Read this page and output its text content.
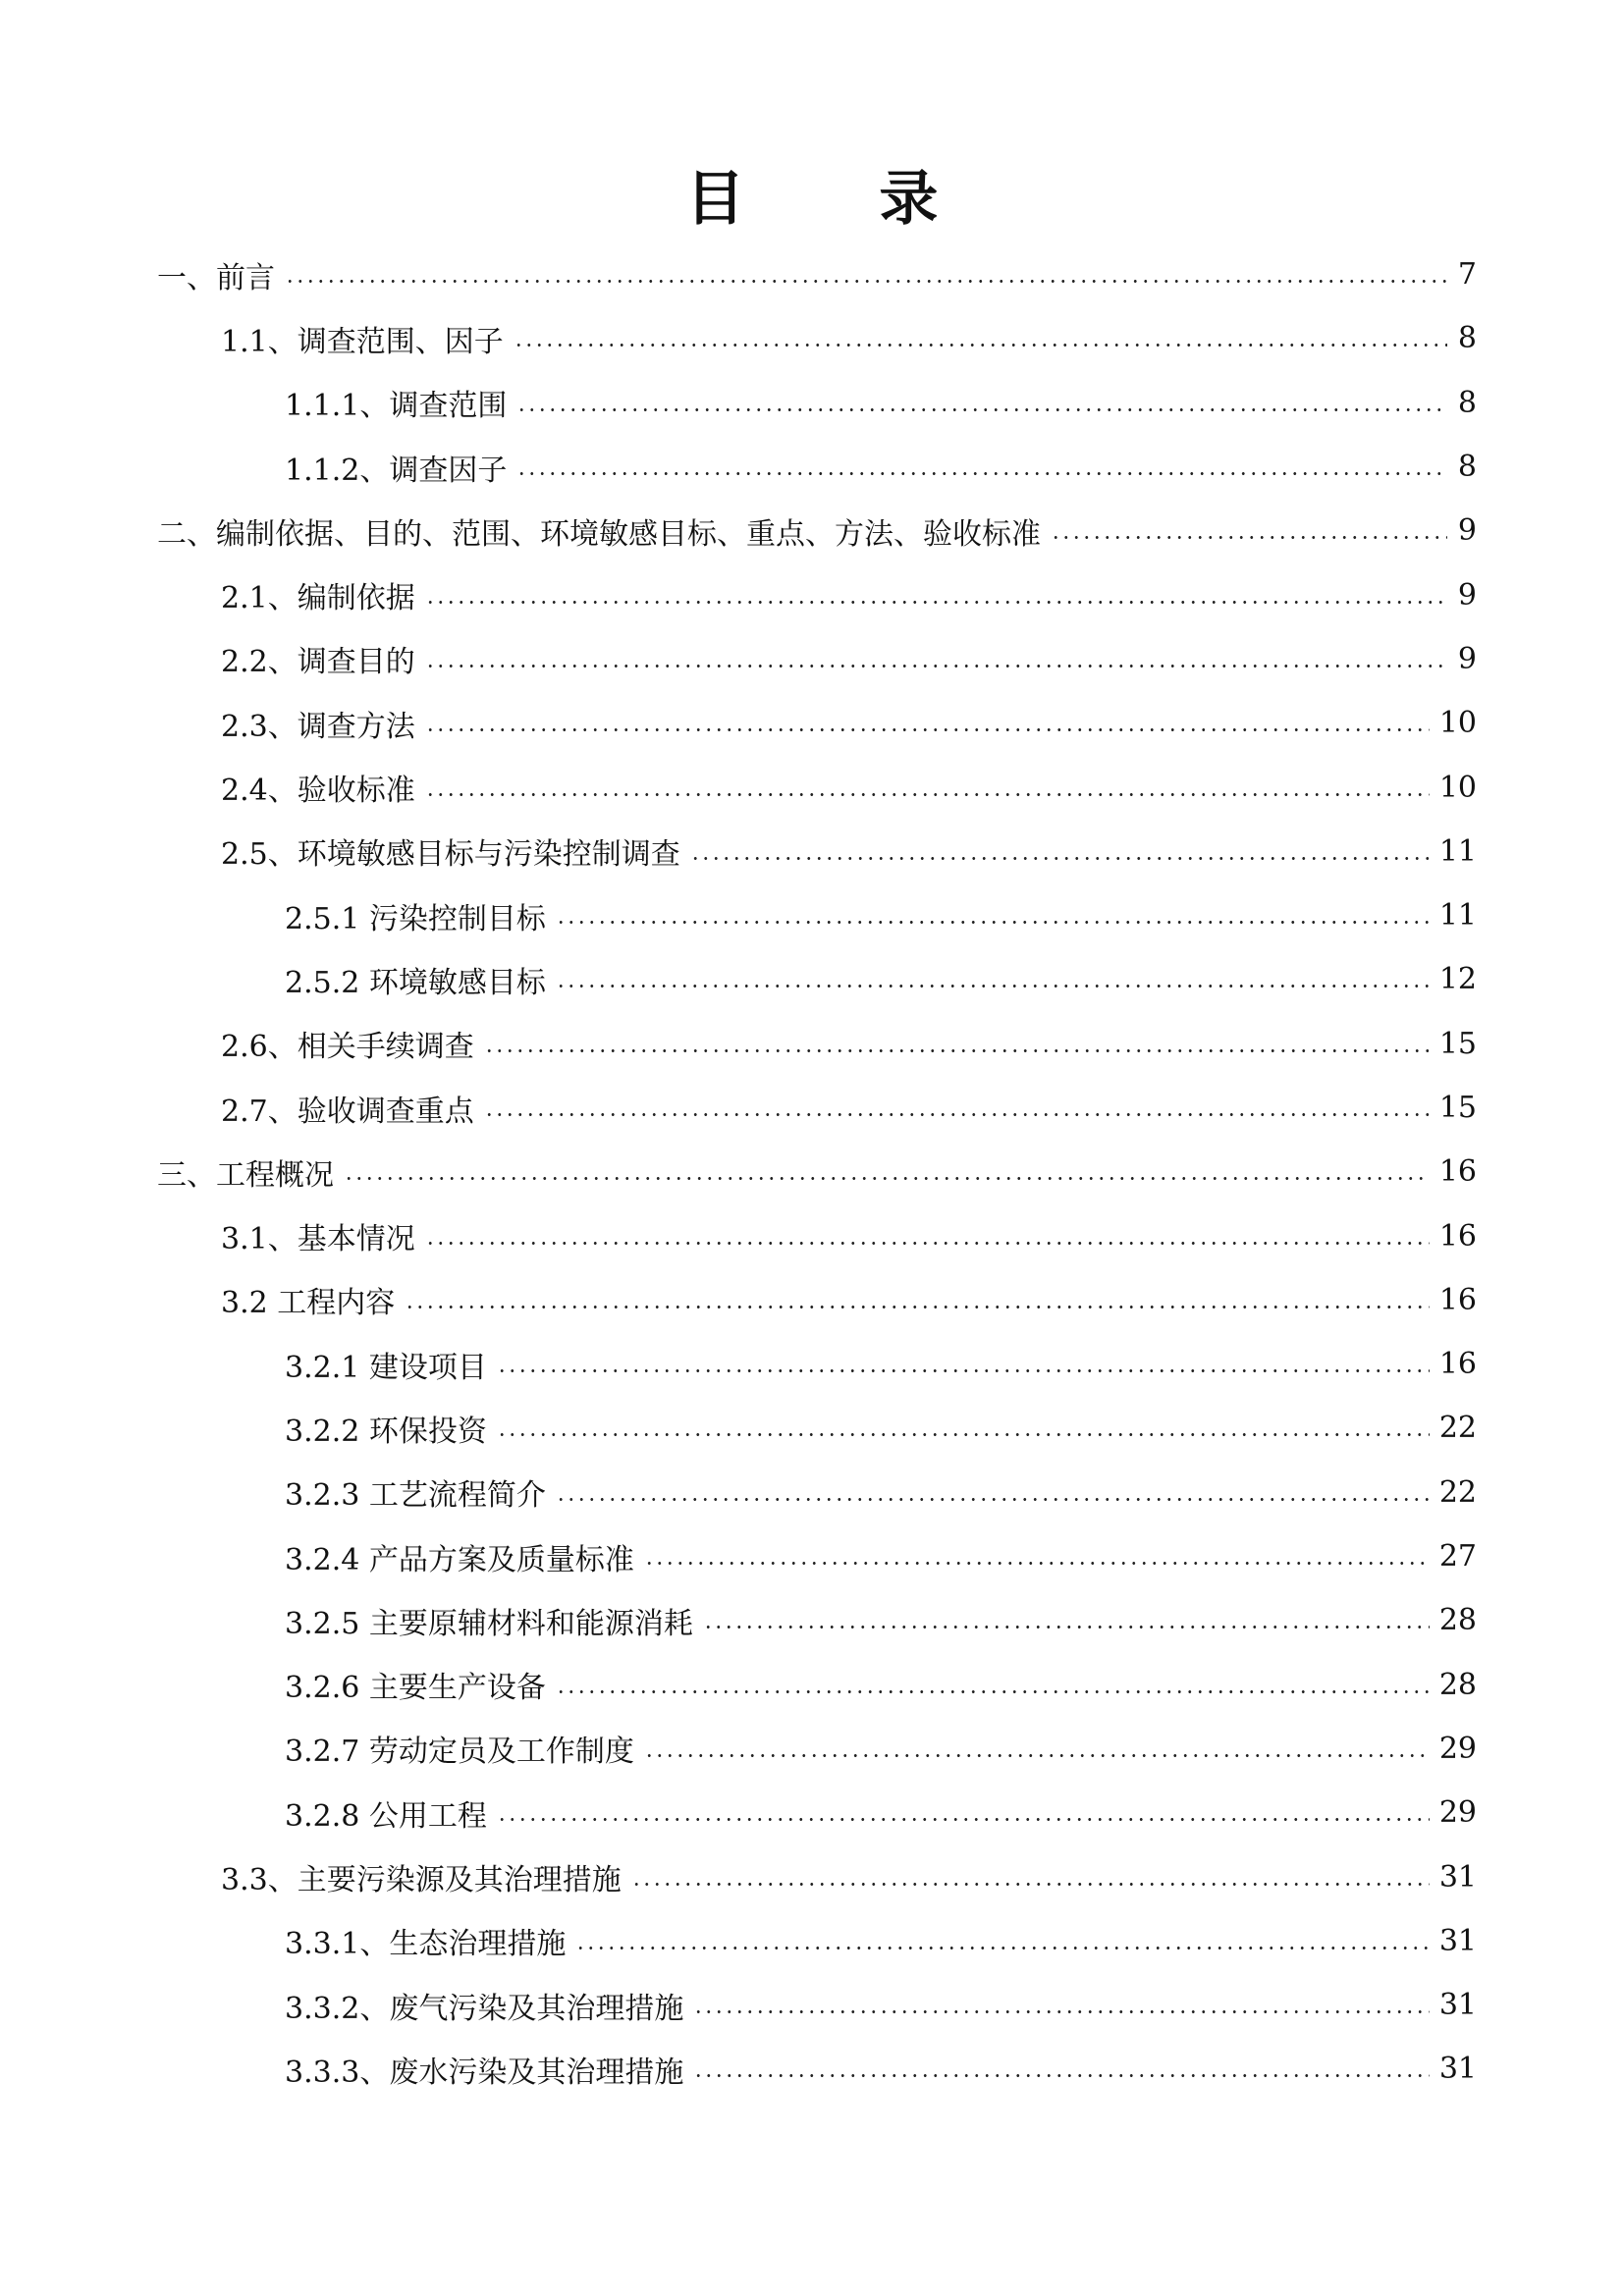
目 录
一、前言	7
1.1、调查范围、因子	8
1.1.1、调查范围	8
1.1.2、调查因子	8
二、编制依据、目的、范围、环境敏感目标、重点、方法、验收标准	9
2.1、编制依据	9
2.2、调查目的	9
2.3、调查方法	10
2.4、验收标准	10
2.5、环境敏感目标与污染控制调查	11
2.5.1 污染控制目标	11
2.5.2 环境敏感目标	12
2.6、相关手续调查	15
2.7、验收调查重点	15
三、工程概况	16
3.1、基本情况	16
3.2 工程内容	16
3.2.1 建设项目	16
3.2.2 环保投资	22
3.2.3 工艺流程简介	22
3.2.4 产品方案及质量标准	27
3.2.5 主要原辅材料和能源消耗	28
3.2.6 主要生产设备	28
3.2.7 劳动定员及工作制度	29
3.2.8 公用工程	29
3.3、主要污染源及其治理措施	31
3.3.1、生态治理措施	31
3.3.2、废气污染及其治理措施	31
3.3.3、废水污染及其治理措施	31
